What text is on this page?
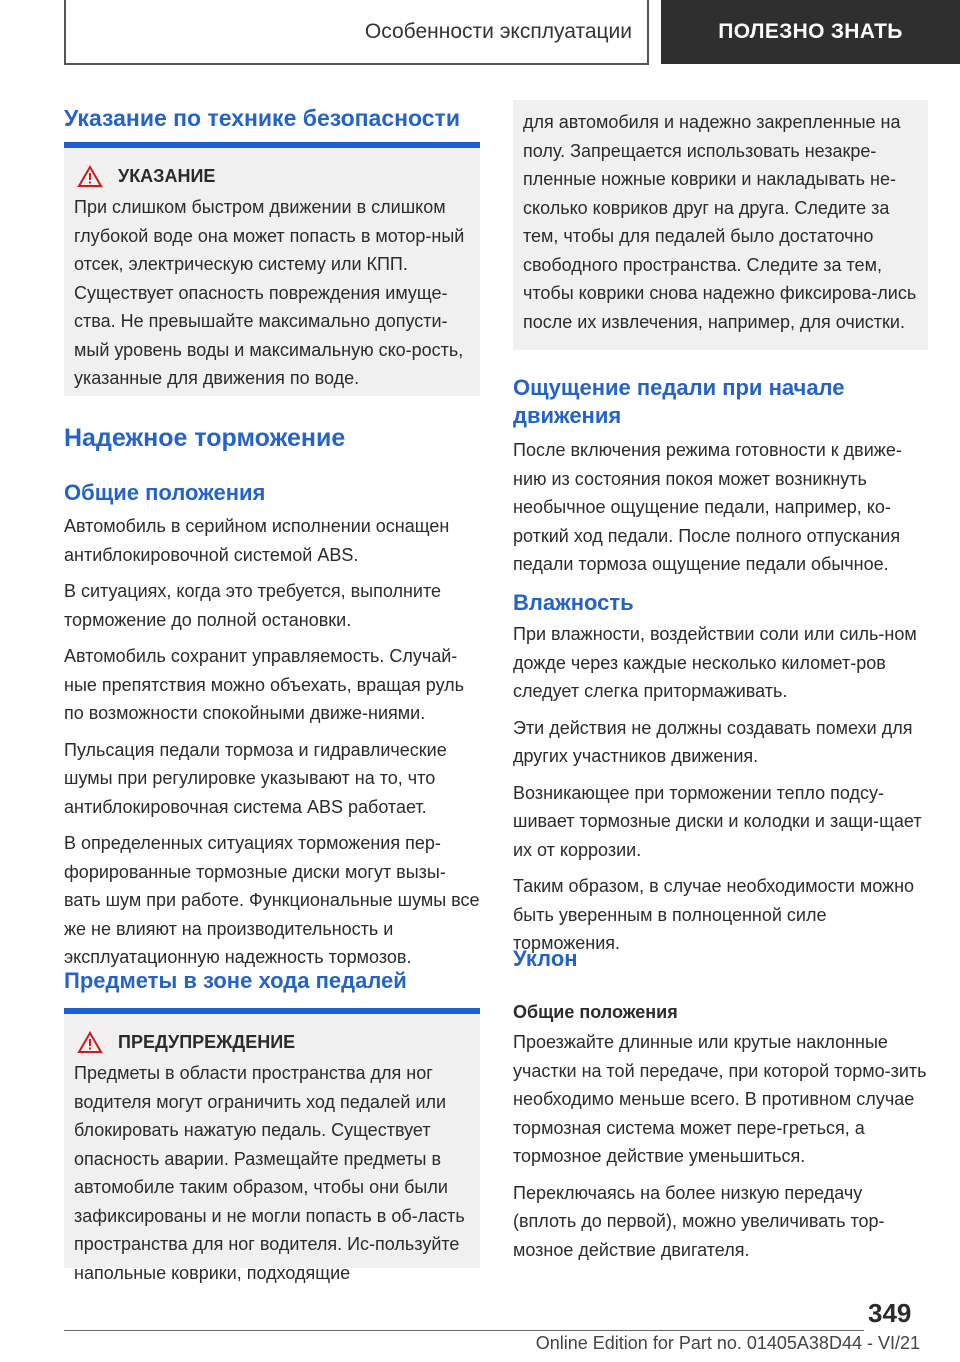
Особенности эксплуатации	ПОЛЕЗНО ЗНАТЬ
Указание по технике безопасности
УКАЗАНИЕ

При слишком быстром движении в слишком глубокой воде она может попасть в мотор-ный отсек, электрическую систему или КПП. Существует опасность повреждения имуще-ства. Не превышайте максимально допусти-мый уровень воды и максимальную ско-рость, указанные для движения по воде.

Надежное торможение
Общие положения

Автомобиль в серийном исполнении оснащен антиблокировочной системой ABS.

В ситуациях, когда это требуется, выполните торможение до полной остановки.

Автомобиль сохранит управляемость. Случай-ные препятствия можно объехать, вращая руль по возможности спокойными движе-ниями.

Пульсация педали тормоза и гидравлические шумы при регулировке указывают на то, что антиблокировочная система ABS работает.

В определенных ситуациях торможения пер-форированные тормозные диски могут вызы-вать шум при работе. Функциональные шумы все же не влияют на производительность и эксплуатационную надежность тормозов.

Предметы в зоне хода педалей
ПРЕДУПРЕЖДЕНИЕ

Предметы в области пространства для ног водителя могут ограничить ход педалей или блокировать нажатую педаль. Существует опасность аварии. Размещайте предметы в автомобиле таким образом, чтобы они были зафиксированы и не могли попасть в об-ласть пространства для ног водителя. Ис-пользуйте напольные коврики, подходящие

для автомобиля и надежно закрепленные на полу. Запрещается использовать незакре-пленные ножные коврики и накладывать не-сколько ковриков друг на друга. Следите за тем, чтобы для педалей было достаточно свободного пространства. Следите за тем, чтобы коврики снова надежно фиксирова-лись после их извлечения, например, для очистки.

Ощущение педали при начале движения

После включения режима готовности к движе-нию из состояния покоя может возникнуть необычное ощущение педали, например, ко-роткий ход педали. После полного отпускания педали тормоза ощущение педали обычное.

Влажность

При влажности, воздействии соли или силь-ном дожде через каждые несколько километ-ров следует слегка притормаживать.

Эти действия не должны создавать помехи для других участников движения.

Возникающее при торможении тепло подсу-шивает тормозные диски и колодки и защи-щает их от коррозии.

Таким образом, в случае необходимости можно быть уверенным в полноценной силе торможения.

Уклон
Общие положения

Проезжайте длинные или крутые наклонные участки на той передаче, при которой тормо-зить необходимо меньше всего. В противном случае тормозная система может пере-греться, а тормозное действие уменьшиться.

Переключаясь на более низкую передачу (вплоть до первой), можно увеличивать тор-мозное действие двигателя.

349
Online Edition for Part no. 01405A38D44 - VI/21
